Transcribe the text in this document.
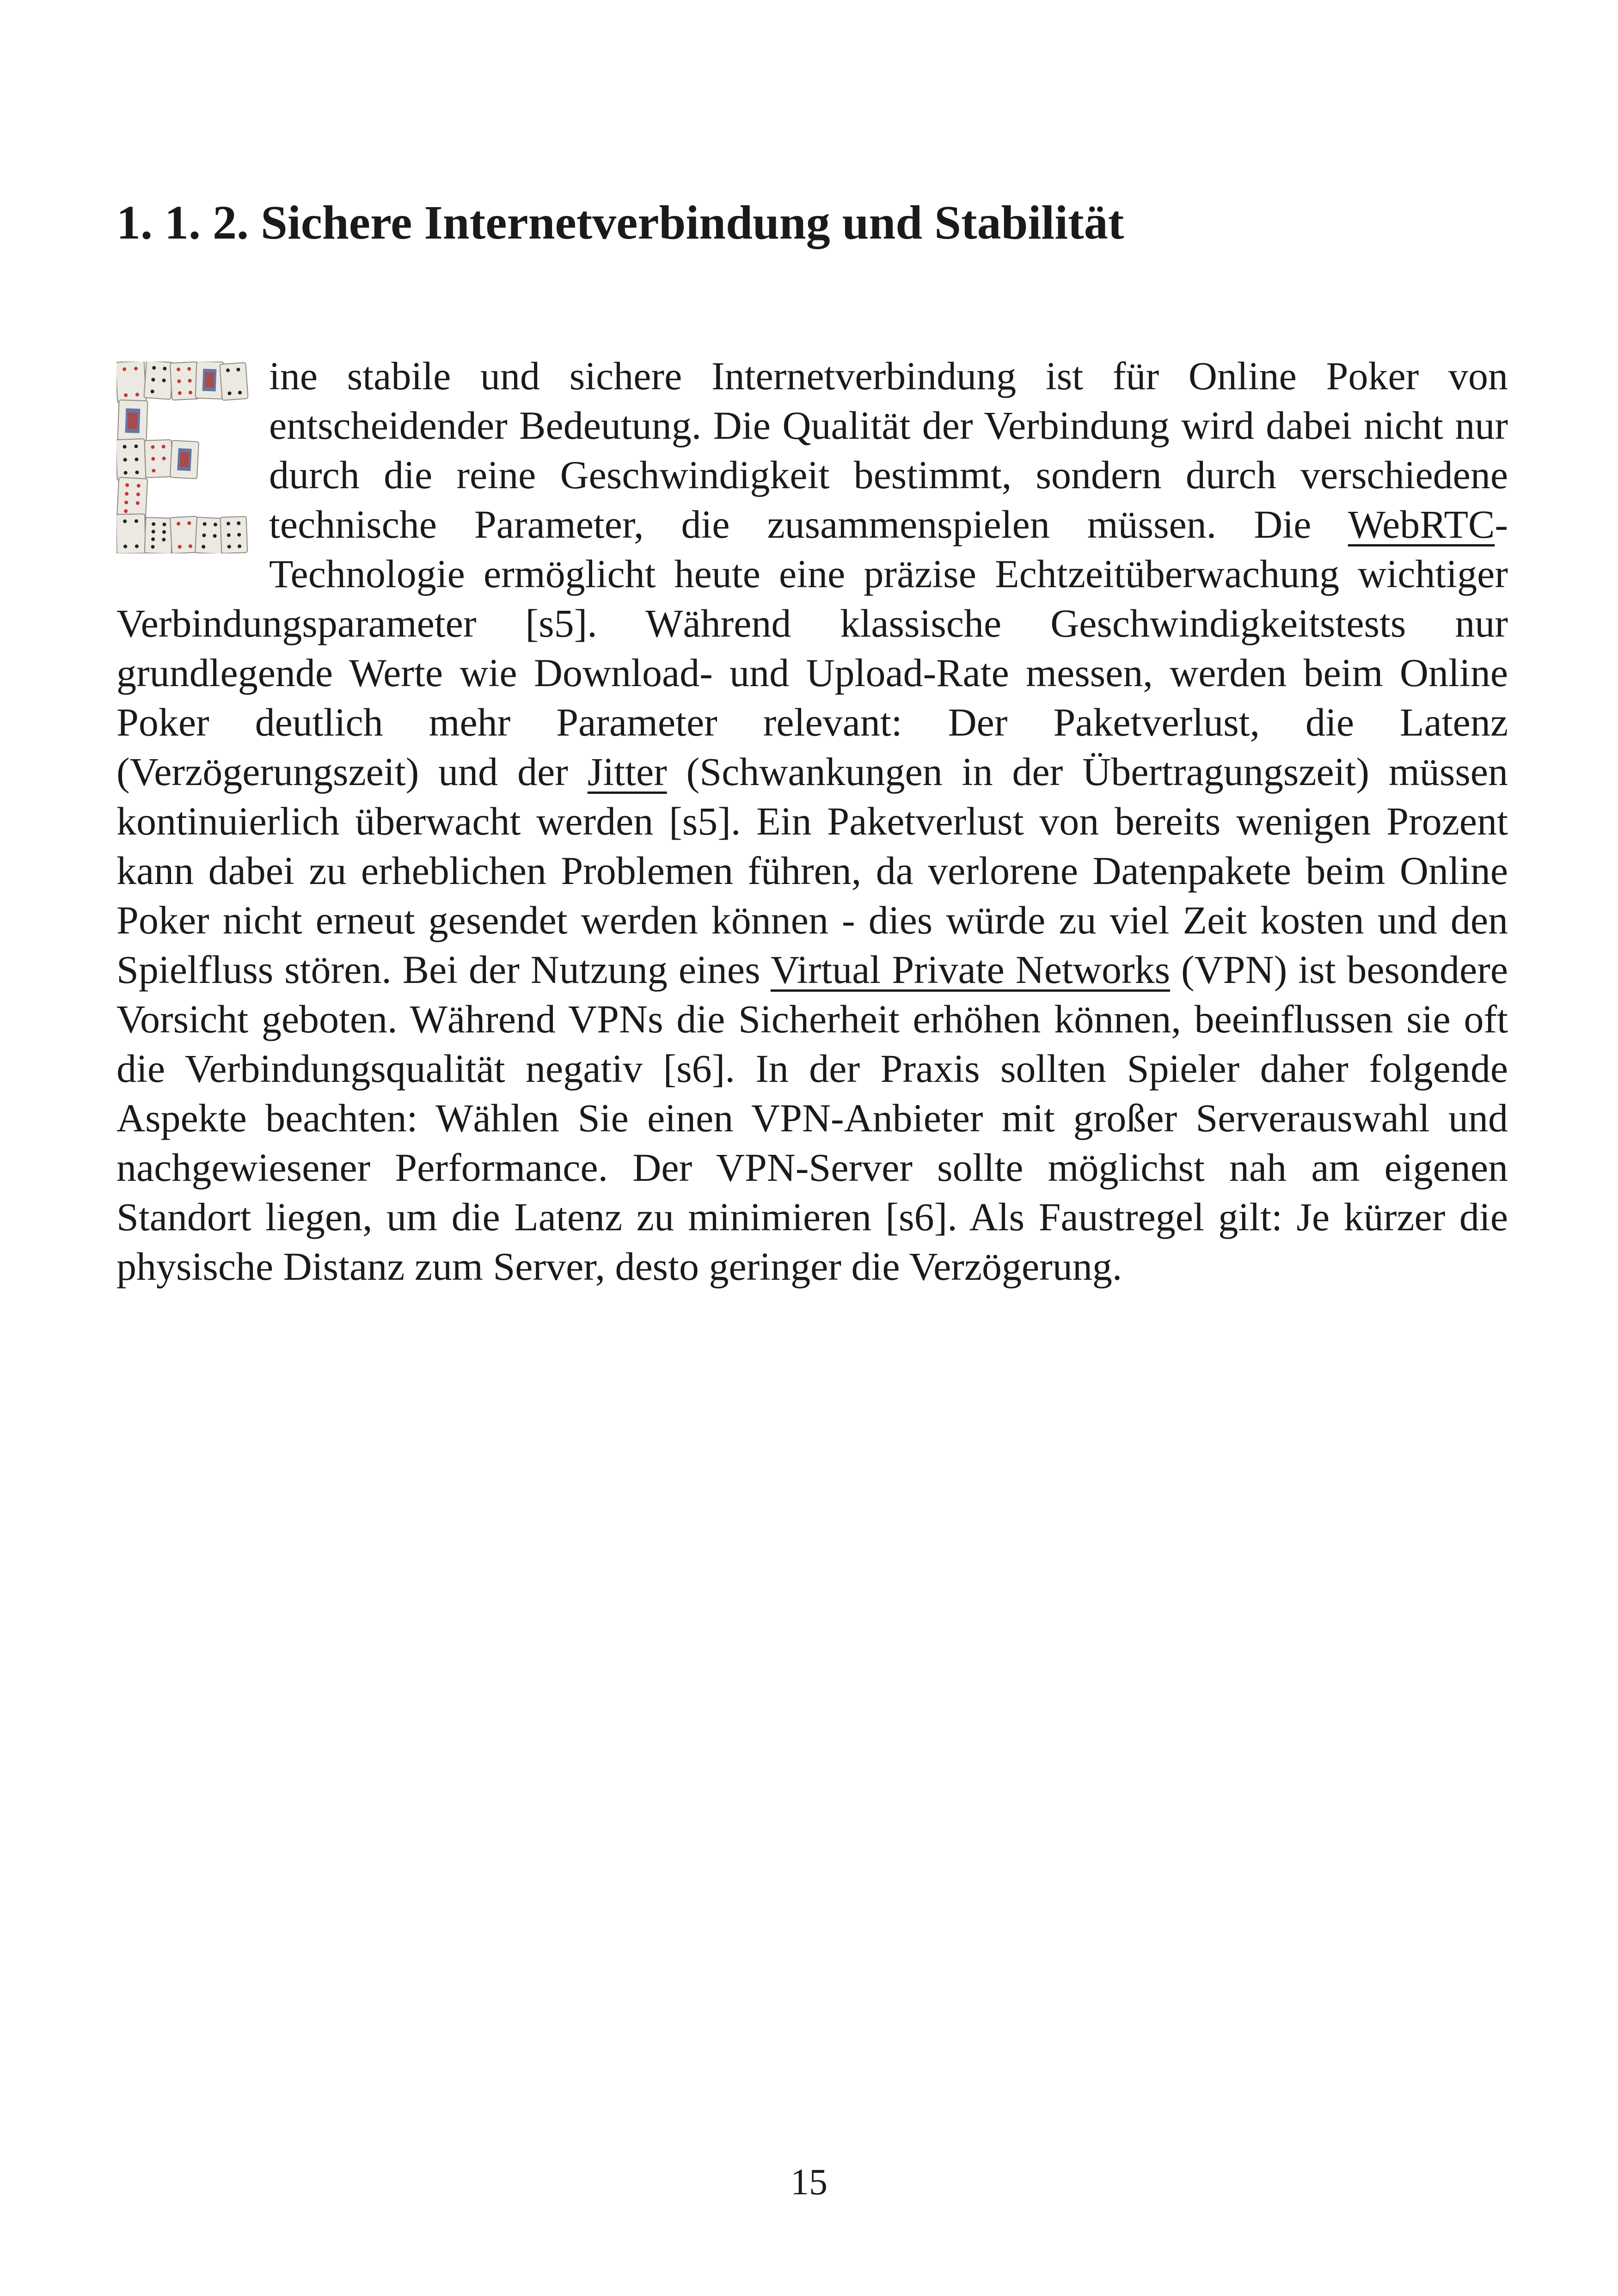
1. 1. 2. Sichere Internetverbindung und Stabilität

ine stabile und sichere Internetverbindung ist für Online Poker von entscheidender Bedeutung. Die Qualität der Verbindung wird dabei nicht nur durch die reine Geschwindigkeit bestimmt, sondern durch verschiedene technische Parameter, die zusammenspielen müssen. Die WebRTC-Technologie ermöglicht heute eine präzise Echtzeitüberwachung wichtiger Verbindungsparameter [s5]. Während klassische Geschwindigkeitstests nur grundlegende Werte wie Download- und Upload-Rate messen, werden beim Online Poker deutlich mehr Parameter relevant: Der Paketverlust, die Latenz (Verzögerungszeit) und der Jitter (Schwankungen in der Übertragungszeit) müssen kontinuierlich überwacht werden [s5]. Ein Paketverlust von bereits wenigen Prozent kann dabei zu erheblichen Problemen führen, da verlorene Datenpakete beim Online Poker nicht erneut gesendet werden können - dies würde zu viel Zeit kosten und den Spielfluss stören. Bei der Nutzung eines Virtual Private Networks (VPN) ist besondere Vorsicht geboten. Während VPNs die Sicherheit erhöhen können, beeinflussen sie oft die Verbindungsqualität negativ [s6]. In der Praxis sollten Spieler daher folgende Aspekte beachten: Wählen Sie einen VPN-Anbieter mit großer Serverauswahl und nachgewiesener Performance. Der VPN-Server sollte möglichst nah am eigenen Standort liegen, um die Latenz zu minimieren [s6]. Als Faustregel gilt: Je kürzer die physische Distanz zum Server, desto geringer die Verzögerung.

15
